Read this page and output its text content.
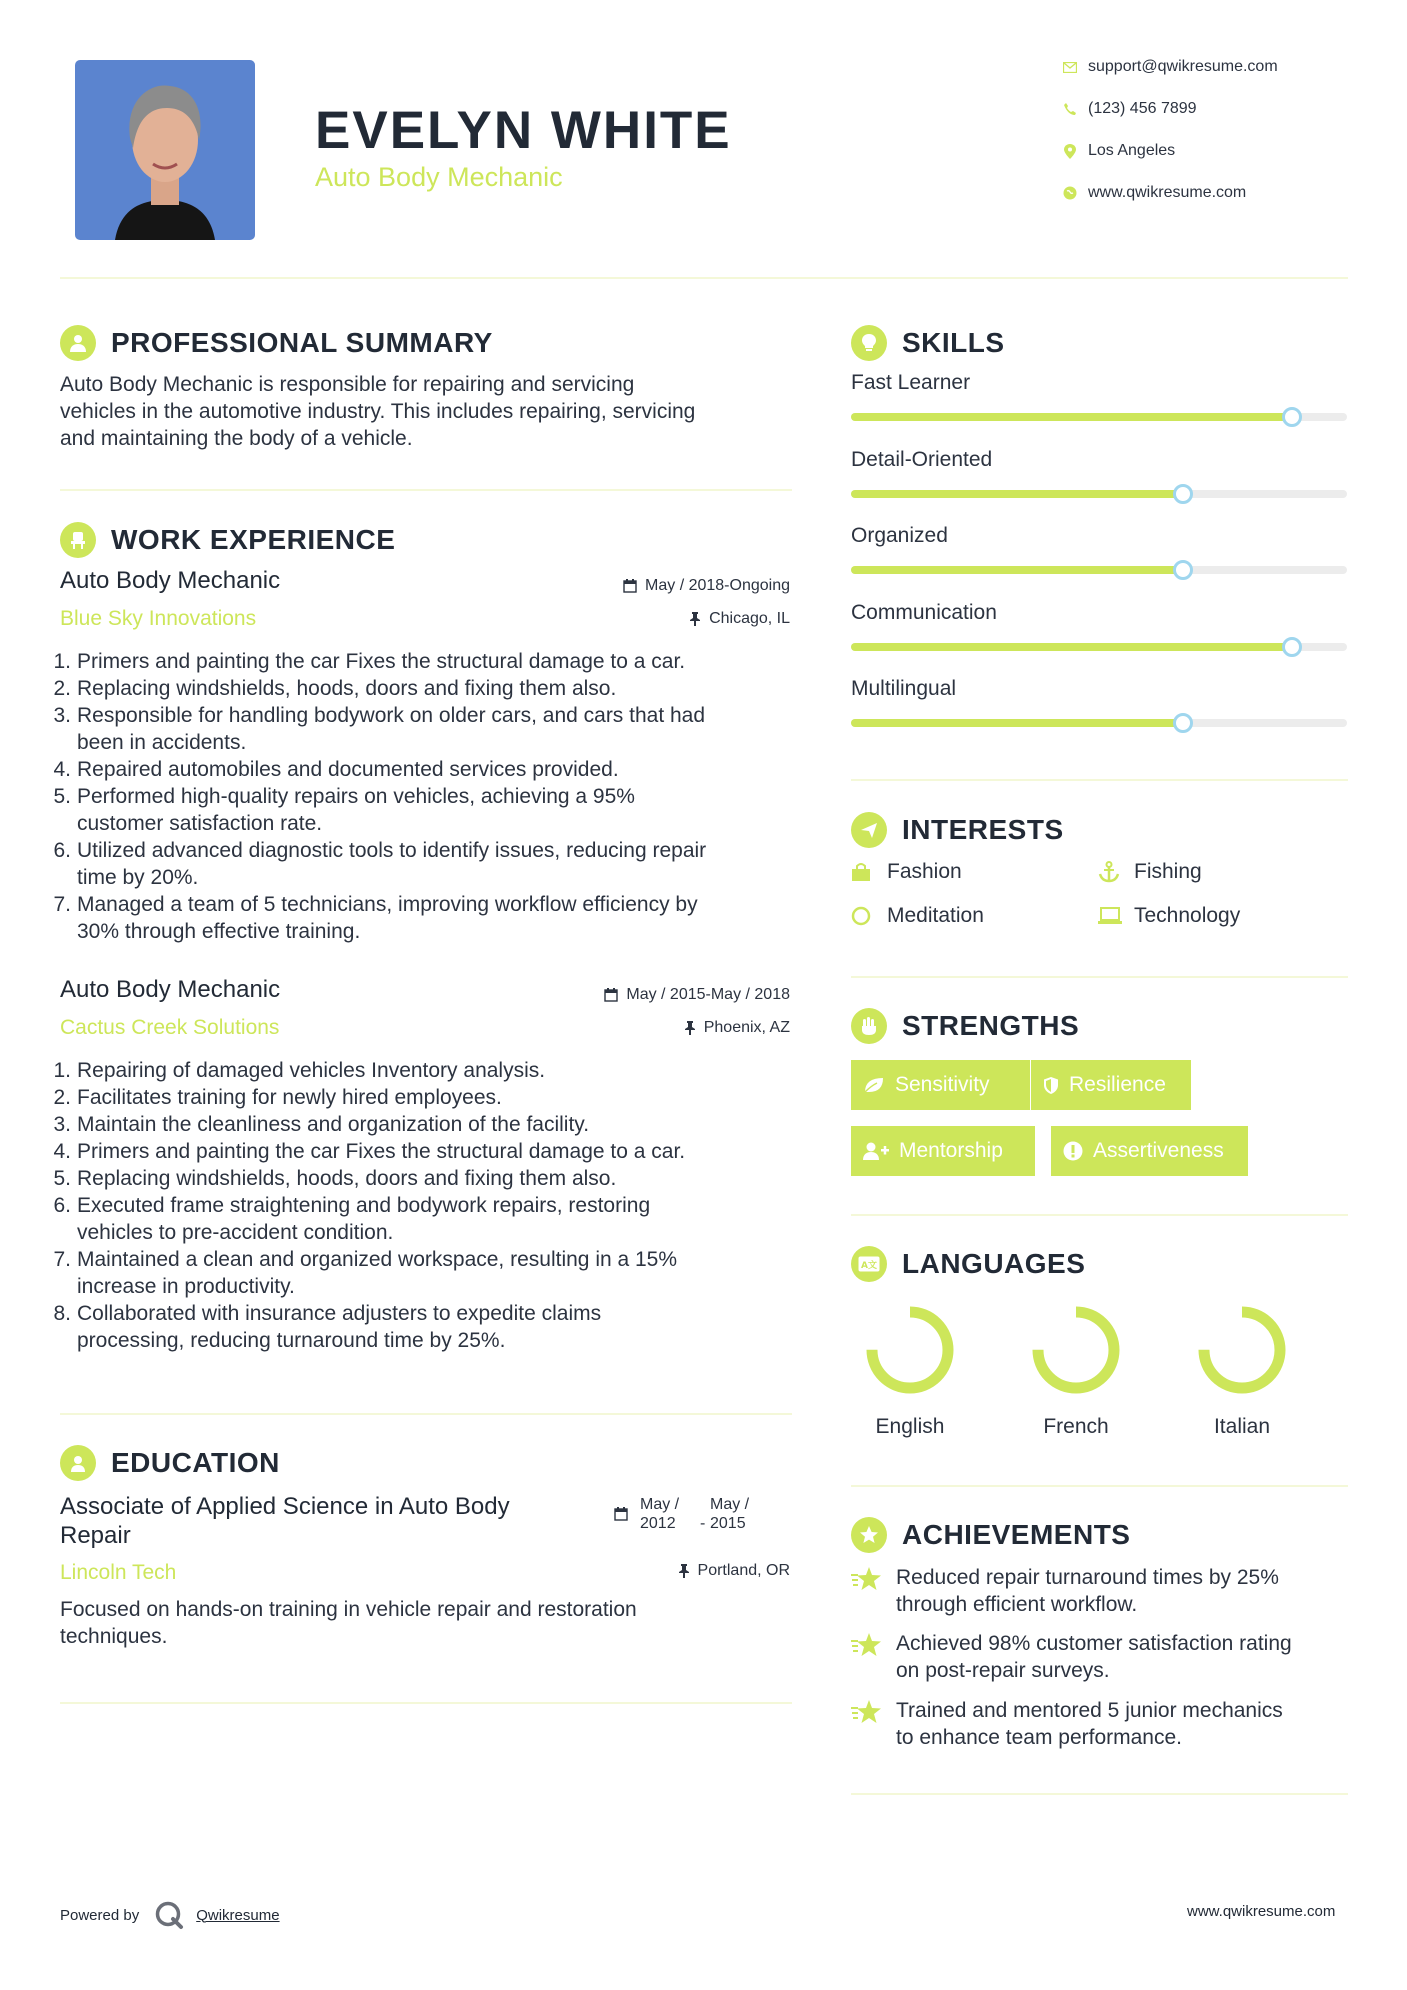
EVELYN WHITE
Auto Body Mechanic
support@qwikresume.com
(123) 456 7899
Los Angeles
www.qwikresume.com
PROFESSIONAL SUMMARY
Auto Body Mechanic is responsible for repairing and servicing
vehicles in the automotive industry. This includes repairing, servicing
and maintaining the body of a vehicle.
WORK EXPERIENCE
Auto Body Mechanic
Blue Sky Innovations
May / 2018-Ongoing
Chicago, IL
1. Primers and painting the car Fixes the structural damage to a car.
2. Replacing windshields, hoods, doors and fixing them also.
3. Responsible for handling bodywork on older cars, and cars that had
been in accidents.
4. Repaired automobiles and documented services provided.
5. Performed high-quality repairs on vehicles, achieving a 95%
customer satisfaction rate.
6. Utilized advanced diagnostic tools to identify issues, reducing repair
time by 20%.
7. Managed a team of 5 technicians, improving workflow efficiency by
30% through effective training.
Auto Body Mechanic
Cactus Creek Solutions
May / 2015-May / 2018
Phoenix, AZ
1. Repairing of damaged vehicles Inventory analysis.
2. Facilitates training for newly hired employees.
3. Maintain the cleanliness and organization of the facility.
4. Primers and painting the car Fixes the structural damage to a car.
5. Replacing windshields, hoods, doors and fixing them also.
6. Executed frame straightening and bodywork repairs, restoring
vehicles to pre-accident condition.
7. Maintained a clean and organized workspace, resulting in a 15%
increase in productivity.
8. Collaborated with insurance adjusters to expedite claims
processing, reducing turnaround time by 25%.
EDUCATION
Associate of Applied Science in Auto Body
Repair
Lincoln Tech
May /
2012	-
May /
2015
Portland, OR
Focused on hands-on training in vehicle repair and restoration
techniques.
SKILLS
Fast Learner
Detail-Oriented
Organized
Communication
Multilingual
INTERESTS
Fashion	Fishing
Meditation	Technology
STRENGTHS
Sensitivity	Resilience
Mentorship	Assertiveness
A文 LANGUAGES
English	French	Italian
ACHIEVEMENTS
Reduced repair turnaround times by 25%
through efficient workflow.
Achieved 98% customer satisfaction rating
on post-repair surveys.
Trained and mentored 5 junior mechanics
to enhance team performance.
Powered by	Qwikresume	www.qwikresume.com
